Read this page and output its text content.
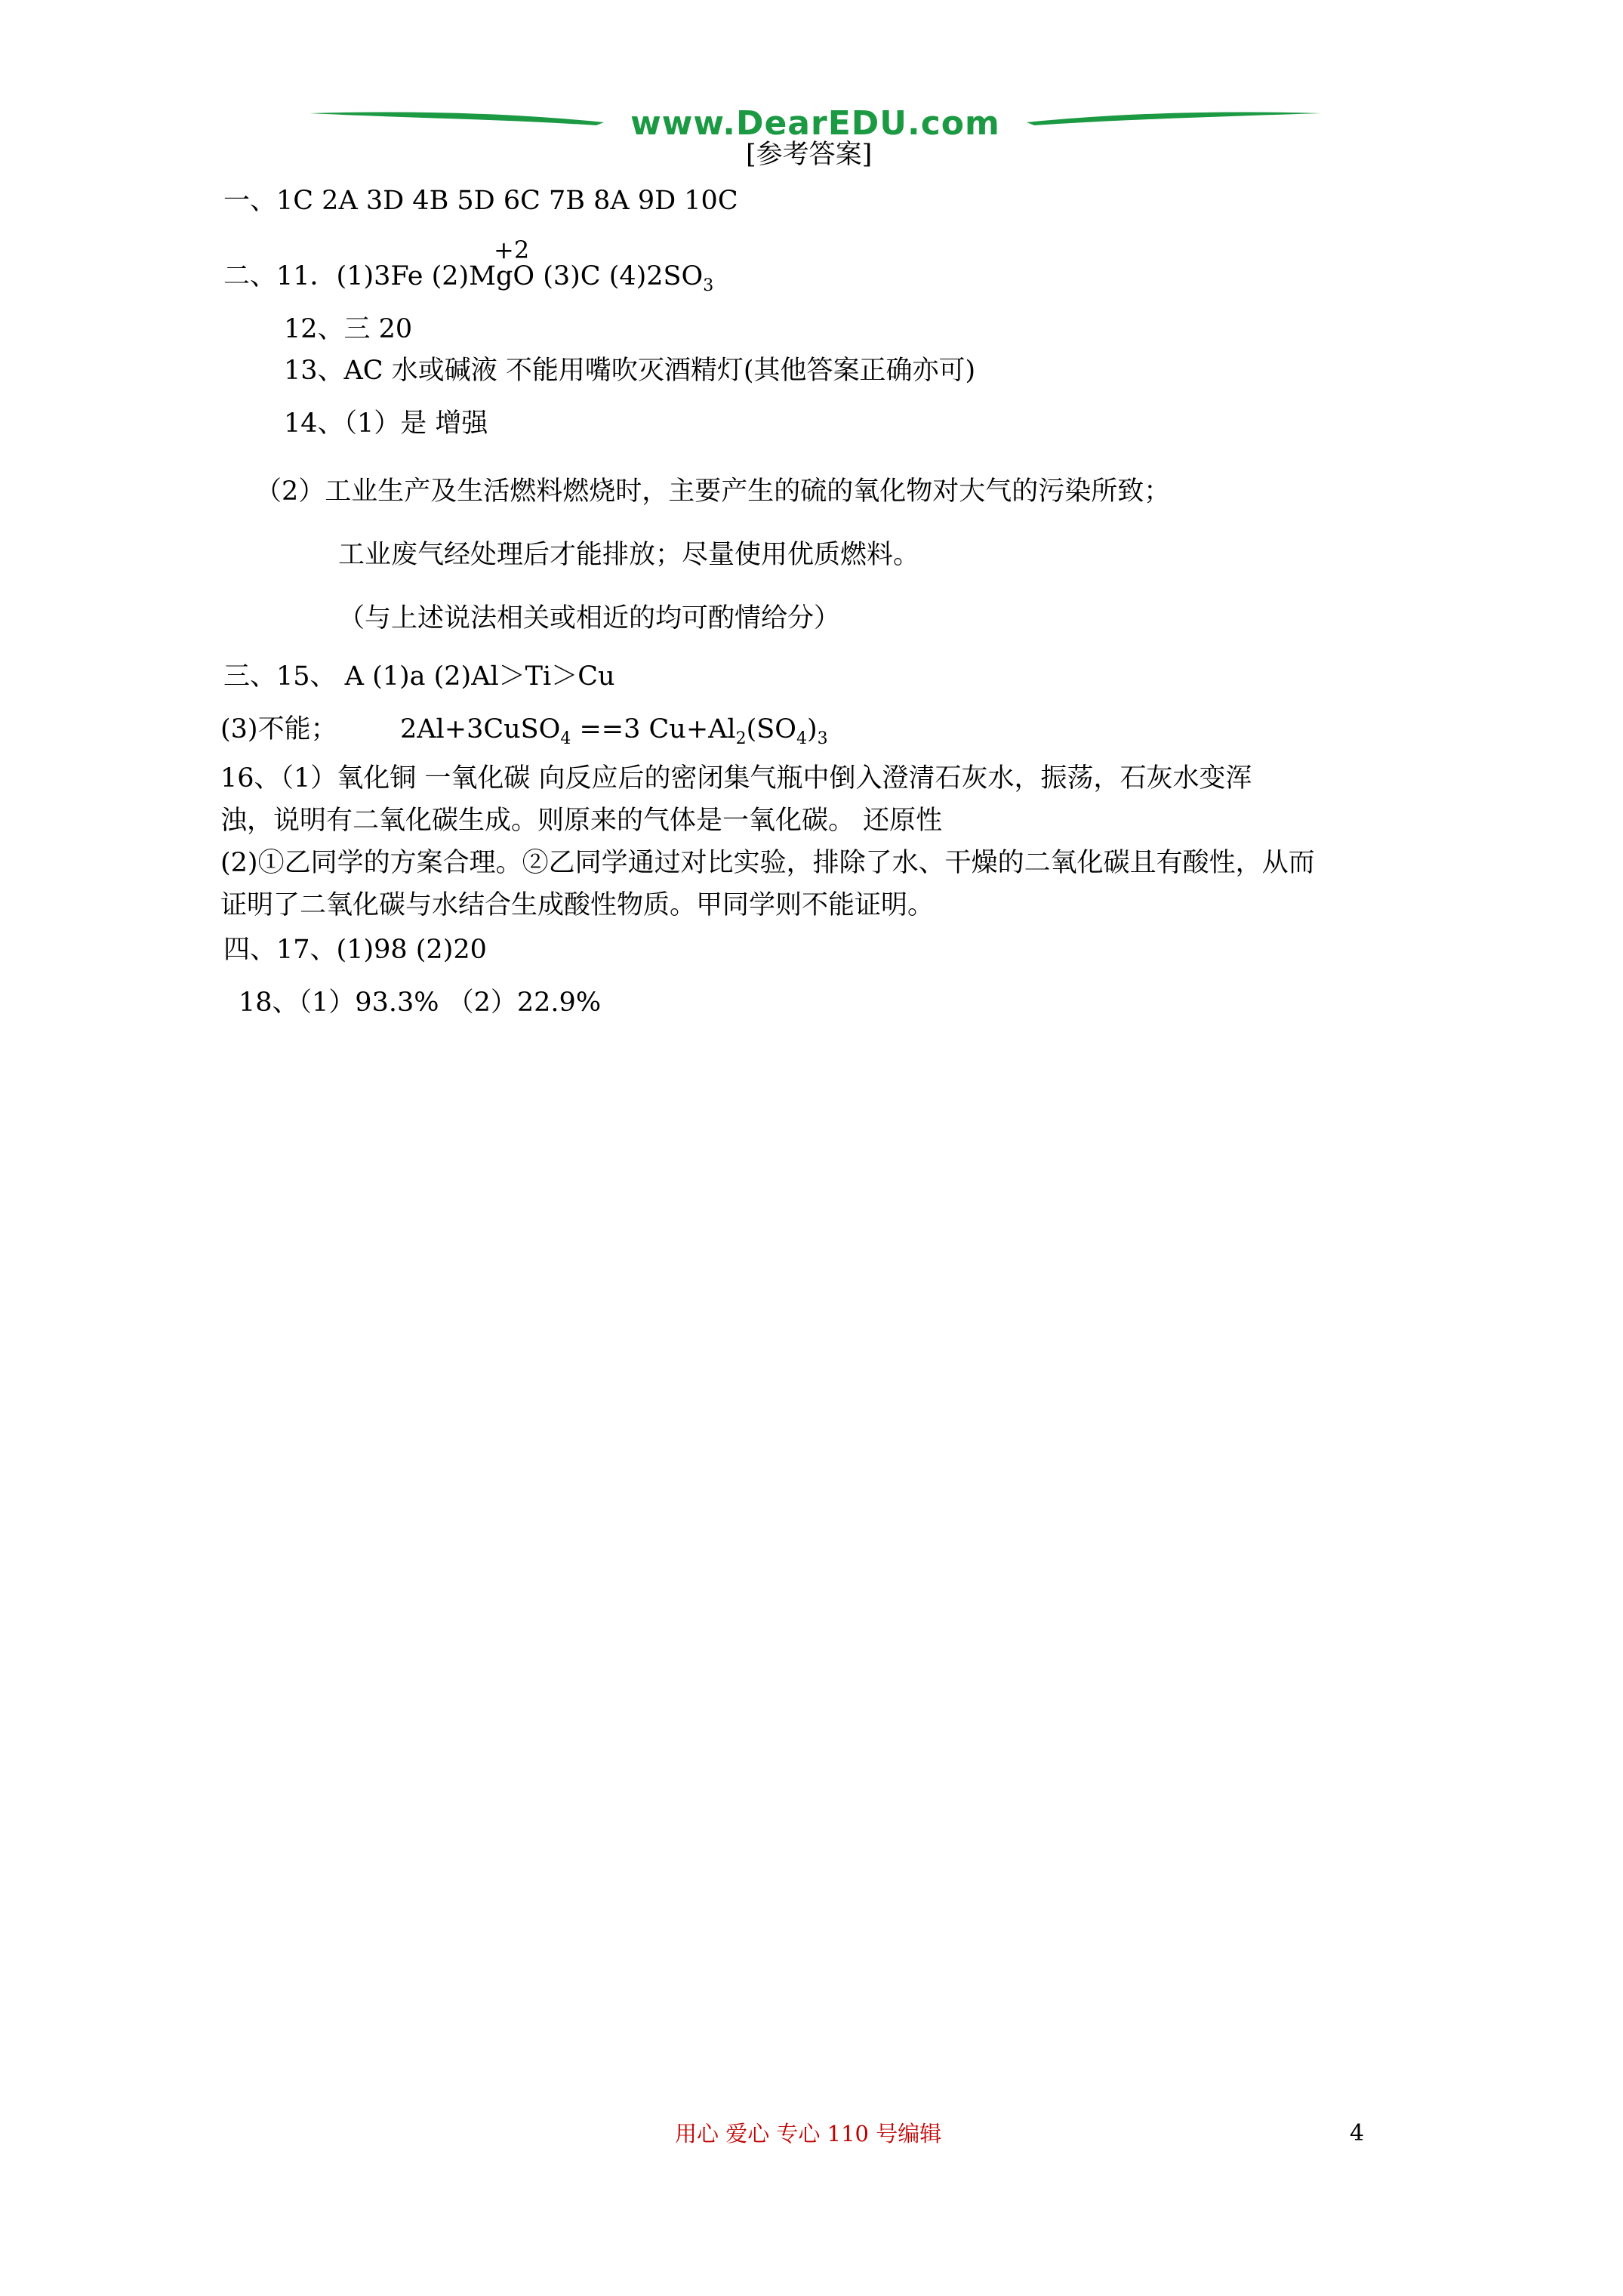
www.DearEDU.com
[参考答案]
一、1C 2A 3D 4B 5D 6C 7B 8A 9D 10C
+2
二、11．(1)3Fe (2)MgO (3)C $(4)2SO_3$
12、三 20
13、AC 水或碱液 不能用嘴吹灭酒精灯(其他答案正确亦可)
14、（1）是 增强
（2）工业生产及生活燃料燃烧时，主要产生的硫的氧化物对大气的污染所致；
工业废气经处理后才能排放；尽量使用优质燃料。
（与上述说法相关或相近的均可酌情给分）
三、15、 A (1)a (2)Al＞Ti＞Cu
(3)不能； 2Al+3CuSO$_4$ ==3 $Cu+Al_2(SO_4)_3$
16、（1）氧化铜 一氧化碳 向反应后的密闭集气瓶中倒入澄清石灰水，振荡，石灰水变浑
浊，说明有二氧化碳生成。则原来的气体是一氧化碳。 还原性
(2)①乙同学的方案合理。②乙同学通过对比实验，排除了水、干燥的二氧化碳且有酸性，从而
证明了二氧化碳与水结合生成酸性物质。甲同学则不能证明。
四、17、(1)98 (2)20
18、（1）93.3% （2）22.9%
用心 爱心 专心 110 号编辑	4
